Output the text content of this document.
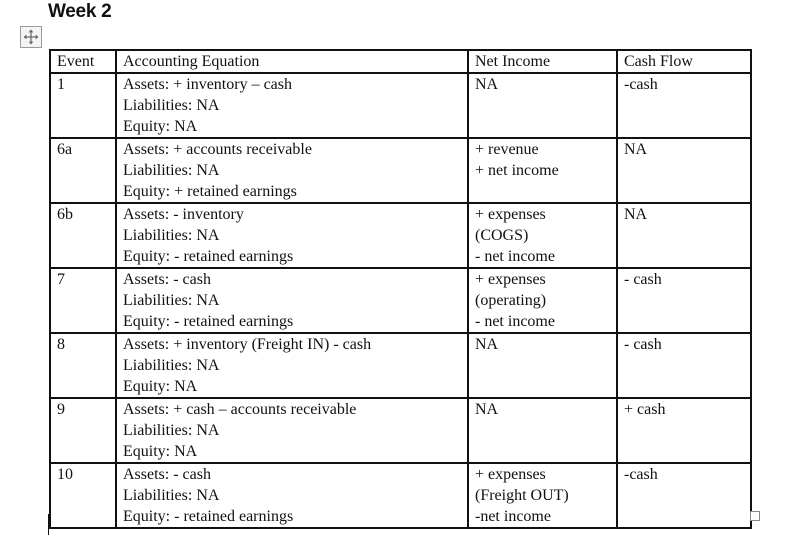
Week 2
Event	Accounting Equation	Net Income	Cash Flow
1	Assets: + inventory – cash
Liabilities: NA
Equity: NA	NA	-cash

6a	Assets: + accounts receivable
Liabilities: NA
Equity: + retained earnings	+ revenue
+ net income	NA

6b	Assets: - inventory
Liabilities: NA
Equity: - retained earnings	+ expenses
(COGS)
- net income	NA

7	Assets: - cash
Liabilities: NA
Equity: - retained earnings	+ expenses
(operating)
- net income	- cash

8	Assets: + inventory (Freight IN) - cash
Liabilities: NA
Equity: NA	NA	- cash

9	Assets: + cash – accounts receivable
Liabilities: NA
Equity: NA	NA	+ cash

10	Assets: - cash
Liabilities: NA
Equity: - retained earnings	+ expenses
(Freight OUT)
-net income	-cash
